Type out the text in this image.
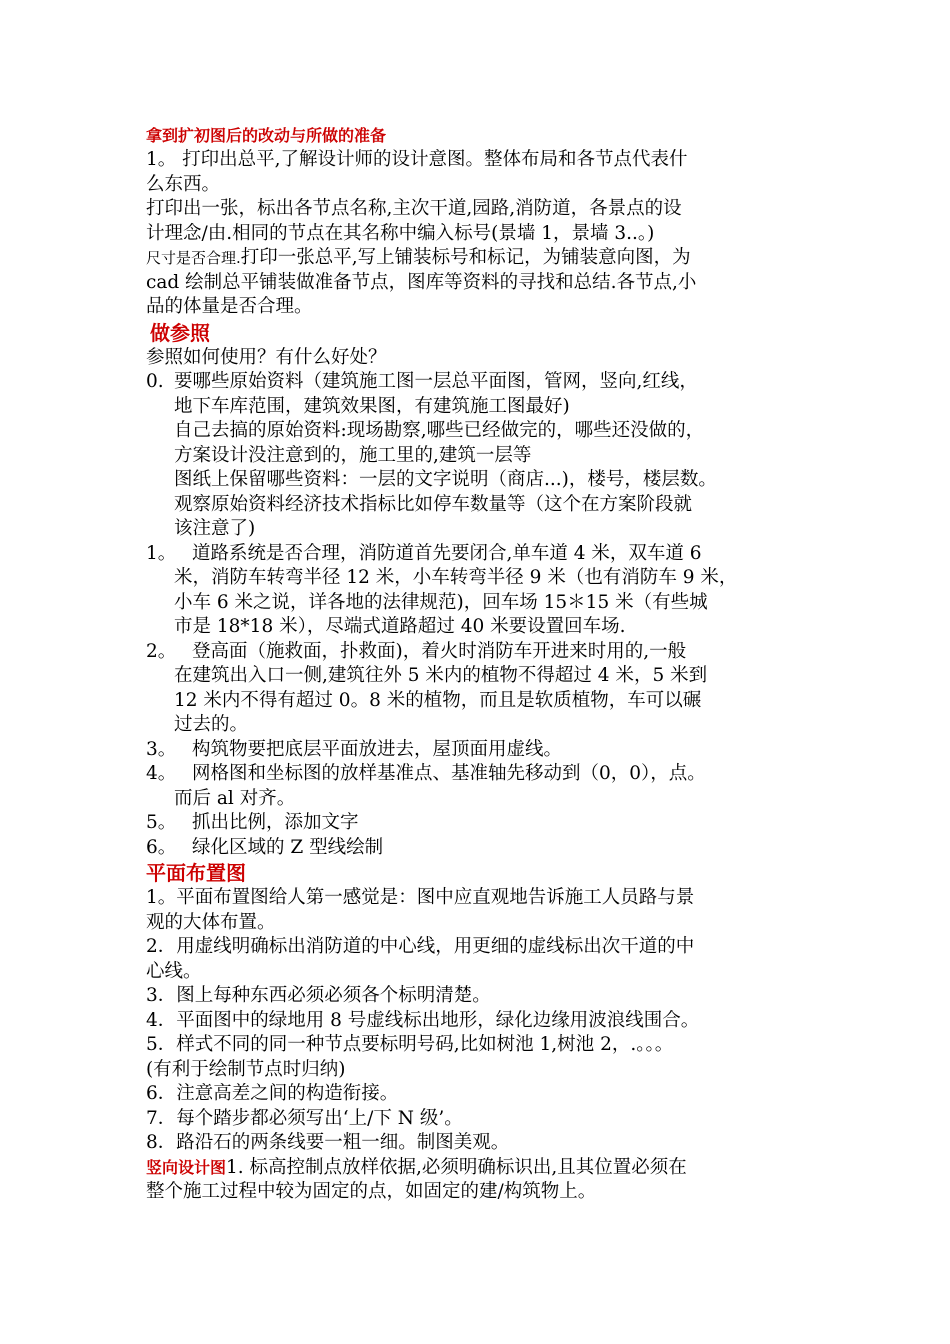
拿到扩初图后的改动与所做的准备

1。 打印出总平,了解设计师的设计意图。整体布局和各节点代表什

么东西。

打印出一张，标出各节点名称,主次干道,园路,消防道，各景点的设

计理念/由.相同的节点在其名称中编入标号(景墙 1，景墙 3..。)

尺寸是否合理.打印一张总平,写上铺装标号和标记，为铺装意向图，为

cad 绘制总平铺装做准备节点，图库等资料的寻找和总结.各节点,小

品的体量是否合理。

做参照

参照如何使用？有什么好处？

0. 要哪些原始资料（建筑施工图一层总平面图，管网，竖向,红线，

地下车库范围，建筑效果图，有建筑施工图最好)

自己去搞的原始资料:现场勘察,哪些已经做完的，哪些还没做的，

方案设计没注意到的，施工里的,建筑一层等

图纸上保留哪些资料：一层的文字说明（商店...)，楼号，楼层数。

观察原始资料经济技术指标比如停车数量等（这个在方案阶段就

该注意了)

1。 道路系统是否合理，消防道首先要闭合,单车道 4 米，双车道 6

米，消防车转弯半径 12 米，小车转弯半径 9 米（也有消防车 9 米，

小车 6 米之说，详各地的法律规范)，回车场 15＊15 米（有些城

市是 18*18 米），尽端式道路超过 40 米要设置回车场.

2。 登高面（施救面，扑救面)，着火时消防车开进来时用的,一般

在建筑出入口一侧,建筑往外 5 米内的植物不得超过 4 米，5 米到

12 米内不得有超过 0。8 米的植物，而且是软质植物，车可以碾

过去的。

3。 构筑物要把底层平面放进去，屋顶面用虚线。

4。 网格图和坐标图的放样基准点、基准轴先移动到（0，0），点。

而后 al 对齐。

5。 抓出比例，添加文字

6。 绿化区域的 Z 型线绘制

平面布置图

1。平面布置图给人第一感觉是：图中应直观地告诉施工人员路与景

观的大体布置。

2．用虚线明确标出消防道的中心线，用更细的虚线标出次干道的中

心线。

3．图上每种东西必须必须各个标明清楚。

4．平面图中的绿地用 8 号虚线标出地形，绿化边缘用波浪线围合。

5．样式不同的同一种节点要标明号码,比如树池 1,树池 2，.。。。

(有利于绘制节点时归纳)

6．注意高差之间的构造衔接。

7．每个踏步都必须写出‘上/下 N 级’。

8．路沿石的两条线要一粗一细。制图美观。

竖向设计图1. 标高控制点放样依据,必须明确标识出,且其位置必须在

整个施工过程中较为固定的点，如固定的建/构筑物上。
